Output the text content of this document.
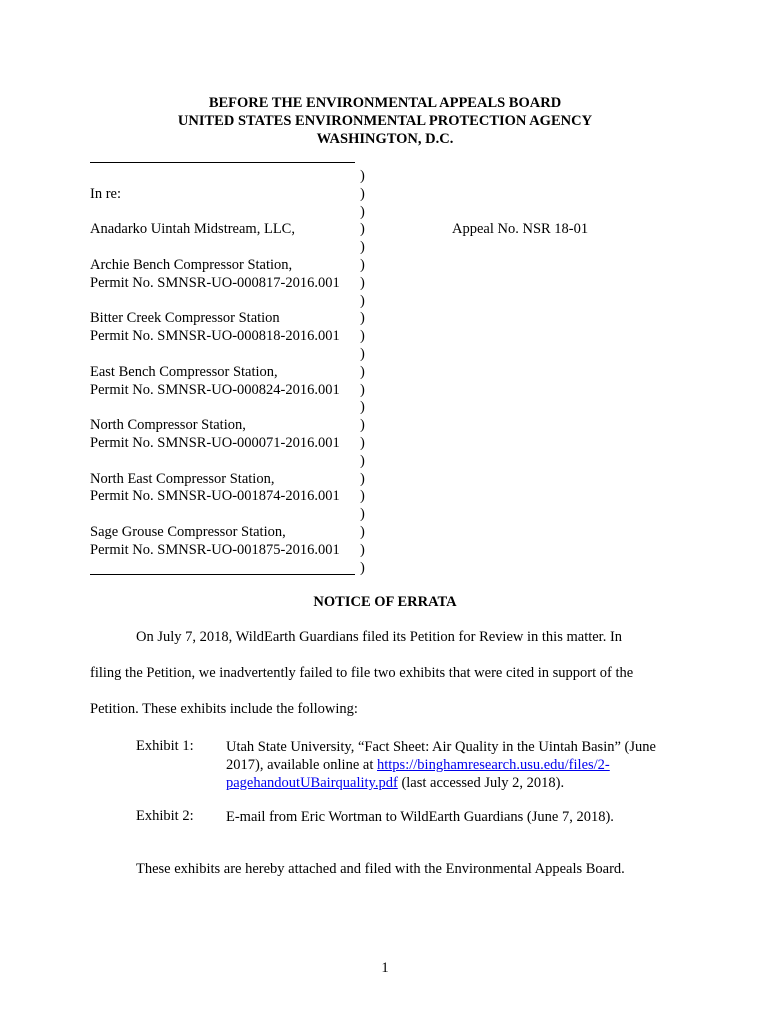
BEFORE THE ENVIRONMENTAL APPEALS BOARD
UNITED STATES ENVIRONMENTAL PROTECTION AGENCY
WASHINGTON, D.C.
In re:
Anadarko Uintah Midstream, LLC,
Archie Bench Compressor Station,
Permit No. SMNSR-UO-000817-2016.001
Bitter Creek Compressor Station
Permit No. SMNSR-UO-000818-2016.001
East Bench Compressor Station,
Permit No. SMNSR-UO-000824-2016.001
North Compressor Station,
Permit No. SMNSR-UO-000071-2016.001
North East Compressor Station,
Permit No. SMNSR-UO-001874-2016.001
Sage Grouse Compressor Station,
Permit No. SMNSR-UO-001875-2016.001
)
)
)
)
)
)
)
)
)
)
)
)
)
)
)
)
)
)
)
)
)
)
)
Appeal No. NSR 18-01
NOTICE OF ERRATA
On July 7, 2018, WildEarth Guardians filed its Petition for Review in this matter. In
filing the Petition, we inadvertently failed to file two exhibits that were cited in support of the
Petition. These exhibits include the following:
Exhibit 1: Utah State University, “Fact Sheet: Air Quality in the Uintah Basin” (June
2017), available online at https://binghamresearch.usu.edu/files/2-
pagehandoutUBairquality.pdf (last accessed July 2, 2018).
Exhibit 2: E-mail from Eric Wortman to WildEarth Guardians (June 7, 2018).
These exhibits are hereby attached and filed with the Environmental Appeals Board.
1
